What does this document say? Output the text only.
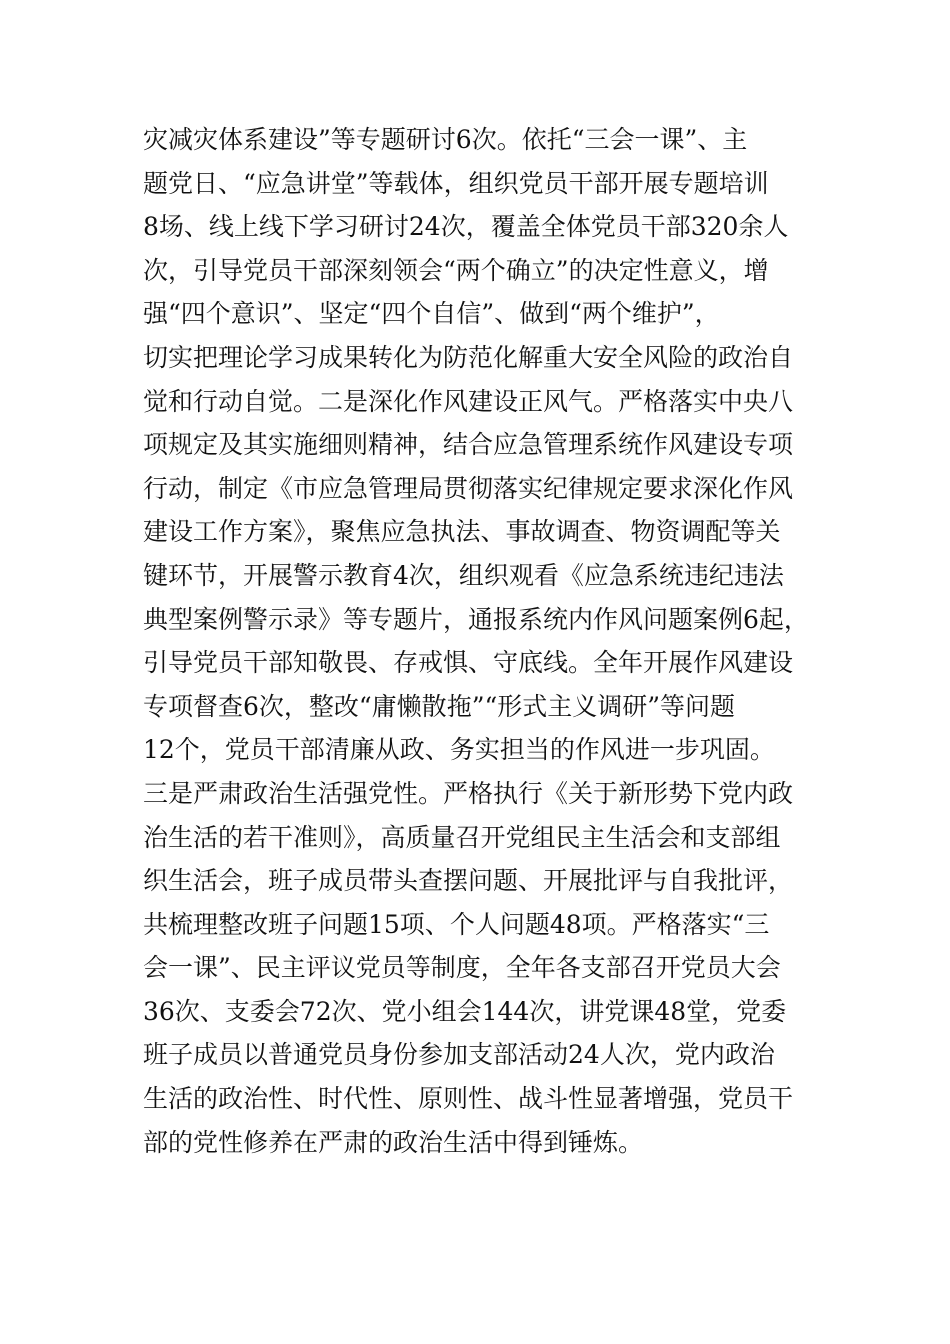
灾减灾体系建设”等专题研讨6次。依托“三会一课”、主
题党日、“应急讲堂”等载体，组织党员干部开展专题培训
8场、线上线下学习研讨24次，覆盖全体党员干部320余人
次，引导党员干部深刻领会“两个确立”的决定性意义，增
强“四个意识”、坚定“四个自信”、做到“两个维护”，
切实把理论学习成果转化为防范化解重大安全风险的政治自
觉和行动自觉。二是深化作风建设正风气。严格落实中央八
项规定及其实施细则精神，结合应急管理系统作风建设专项
行动，制定《市应急管理局贯彻落实纪律规定要求深化作风
建设工作方案》，聚焦应急执法、事故调查、物资调配等关
键环节，开展警示教育4次，组织观看《应急系统违纪违法
典型案例警示录》等专题片，通报系统内作风问题案例6起，
引导党员干部知敬畏、存戒惧、守底线。全年开展作风建设
专项督查6次，整改“庸懒散拖”“形式主义调研”等问题
12个，党员干部清廉从政、务实担当的作风进一步巩固。
三是严肃政治生活强党性。严格执行《关于新形势下党内政
治生活的若干准则》，高质量召开党组民主生活会和支部组
织生活会，班子成员带头查摆问题、开展批评与自我批评，
共梳理整改班子问题15项、个人问题48项。严格落实“三
会一课”、民主评议党员等制度，全年各支部召开党员大会
36次、支委会72次、党小组会144次，讲党课48堂，党委
班子成员以普通党员身份参加支部活动24人次，党内政治
生活的政治性、时代性、原则性、战斗性显著增强，党员干
部的党性修养在严肃的政治生活中得到锤炼。
